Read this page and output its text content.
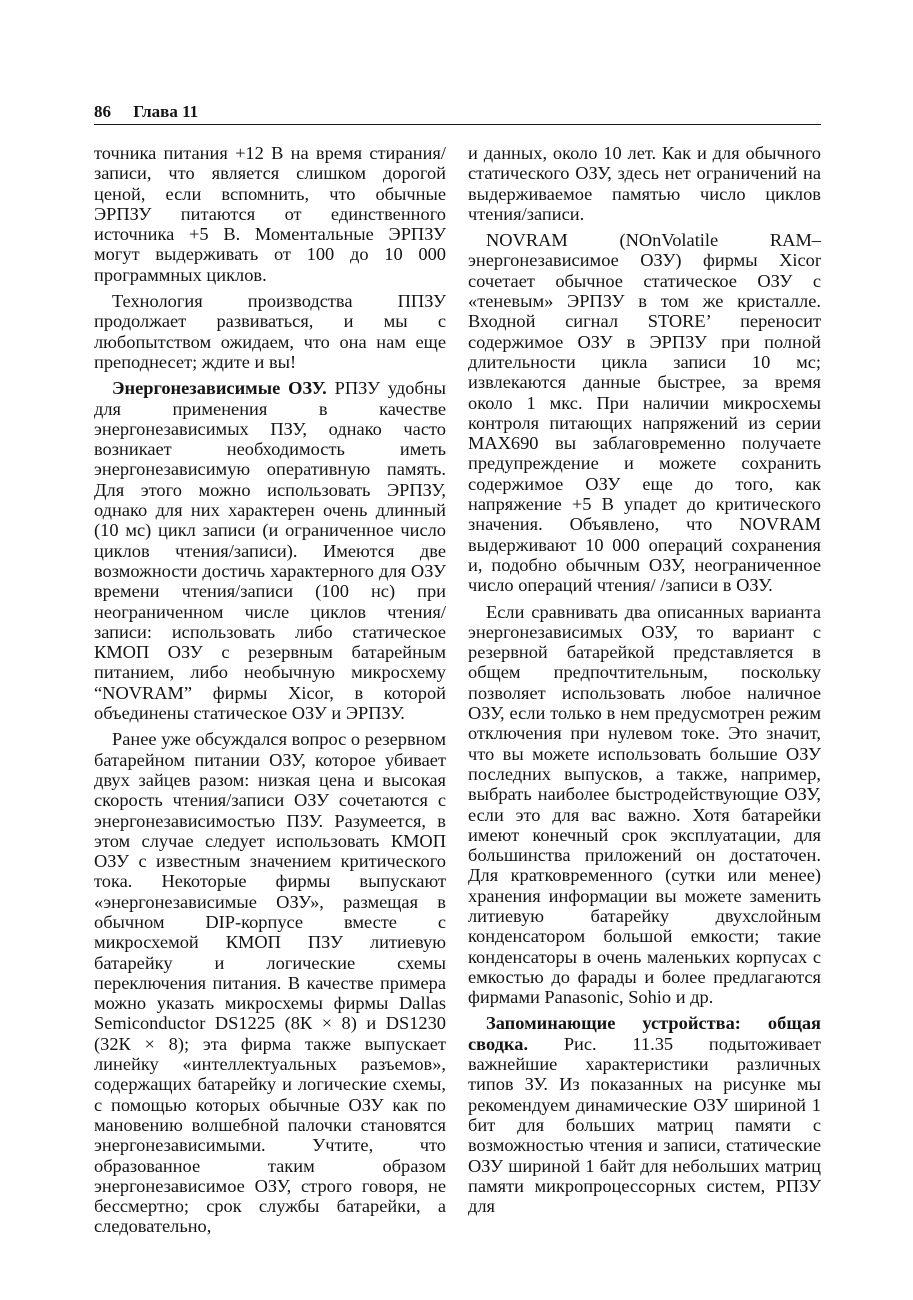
86 Глава 11

точника питания +12 В на время стирания/записи, что является слишком дорогой ценой, если вспомнить, что обычные ЭРПЗУ питаются от единственного источника +5 В. Моментальные ЭРПЗУ могут выдерживать от 100 до 10 000 программных циклов.

Технология производства ППЗУ продолжает развиваться, и мы с любопытством ожидаем, что она нам еще преподнесет; ждите и вы!

Энергонезависимые ОЗУ. РПЗУ удобны для применения в качестве энергонезависимых ПЗУ, однако часто возникает необходимость иметь энергонезависимую оперативную память. Для этого можно использовать ЭРПЗУ, однако для них характерен очень длинный (10 мс) цикл записи (и ограниченное число циклов чтения/записи). Имеются две возможности достичь характерного для ОЗУ времени чтения/записи (100 нс) при неограниченном числе циклов чтения/записи: использовать либо статическое КМОП ОЗУ с резервным батарейным питанием, либо необычную микросхему “NOVRAM” фирмы Xicor, в которой объединены статическое ОЗУ и ЭРПЗУ.

Ранее уже обсуждался вопрос о резервном батарейном питании ОЗУ, которое убивает двух зайцев разом: низкая цена и высокая скорость чтения/записи ОЗУ сочетаются с энергонезависимостью ПЗУ. Разумеется, в этом случае следует использовать КМОП ОЗУ с известным значением критического тока. Некоторые фирмы выпускают «энергонезависимые ОЗУ», размещая в обычном DIP-корпусе вместе с микросхемой КМОП ПЗУ литиевую батарейку и логические схемы переключения питания. В качестве примера можно указать микросхемы фирмы Dallas Semiconductor DS1225 (8К × 8) и DS1230 (32К × 8); эта фирма также выпускает линейку «интеллектуальных разъемов», содержащих батарейку и логические схемы, с помощью которых обычные ОЗУ как по мановению волшебной палочки становятся энергонезависимыми. Учтите, что образованное таким образом энергонезависимое ОЗУ, строго говоря, не бессмертно; срок службы батарейки, а следовательно,

и данных, около 10 лет. Как и для обычного статического ОЗУ, здесь нет ограничений на выдерживаемое памятью число циклов чтения/записи.

NOVRAM (NOnVolatile RAM–энергонезависимое ОЗУ) фирмы Xicor сочетает обычное статическое ОЗУ с «теневым» ЭРПЗУ в том же кристалле. Входной сигнал STORE’ переносит содержимое ОЗУ в ЭРПЗУ при полной длительности цикла записи 10 мс; извлекаются данные быстрее, за время около 1 мкс. При наличии микросхемы контроля питающих напряжений из серии MAX690 вы заблаговременно получаете предупреждение и можете сохранить содержимое ОЗУ еще до того, как напряжение +5 В упадет до критического значения. Объявлено, что NOVRAM выдерживают 10 000 операций сохранения и, подобно обычным ОЗУ, неограниченное число операций чтения/ /записи в ОЗУ.

Если сравнивать два описанных варианта энергонезависимых ОЗУ, то вариант с резервной батарейкой представляется в общем предпочтительным, поскольку позволяет использовать любое наличное ОЗУ, если только в нем предусмотрен режим отключения при нулевом токе. Это значит, что вы можете использовать большие ОЗУ последних выпусков, а также, например, выбрать наиболее быстродействующие ОЗУ, если это для вас важно. Хотя батарейки имеют конечный срок эксплуатации, для большинства приложений он достаточен. Для кратковременного (сутки или менее) хранения информации вы можете заменить литиевую батарейку двухслойным конденсатором большой емкости; такие конденсаторы в очень маленьких корпусах с емкостью до фарады и более предлагаются фирмами Panasonic, Sohio и др.

Запоминающие устройства: общая сводка. Рис. 11.35 подытоживает важнейшие характеристики различных типов ЗУ. Из показанных на рисунке мы рекомендуем динамические ОЗУ шириной 1 бит для больших матриц памяти с возможностью чтения и записи, статические ОЗУ шириной 1 байт для небольших матриц памяти микропроцессорных систем, РПЗУ для
